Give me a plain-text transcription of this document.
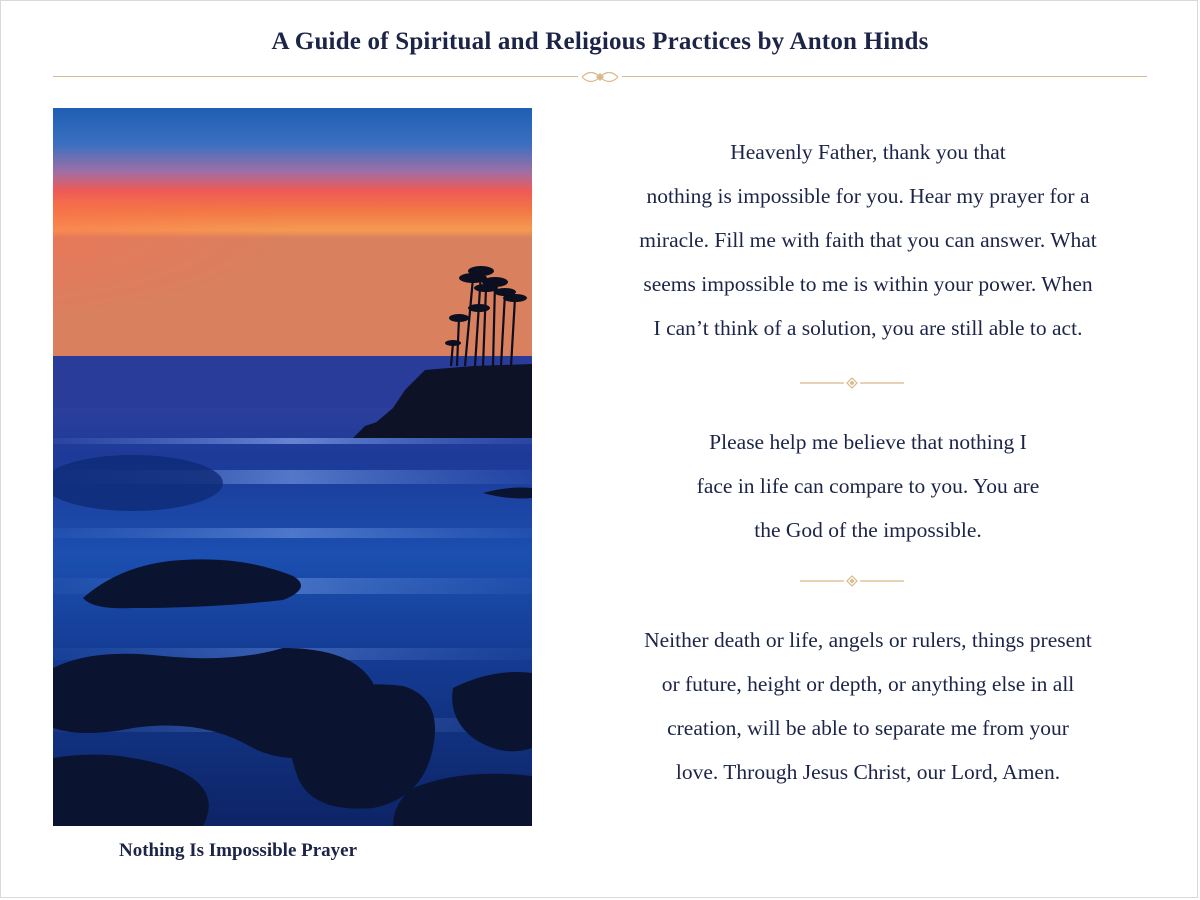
A Guide of Spiritual and Religious Practices by Anton Hinds
Nothing Is Impossible Prayer
Heavenly Father, thank you that
nothing is impossible for you. Hear my prayer for a
miracle. Fill me with faith that you can answer. What
seems impossible to me is within your power. When
I can’t think of a solution, you are still able to act.
Please help me believe that nothing I
face in life can compare to you. You are
the God of the impossible.
Neither death or life, angels or rulers, things present
or future, height or depth, or anything else in all
creation, will be able to separate me from your
love. Through Jesus Christ, our Lord, Amen.
